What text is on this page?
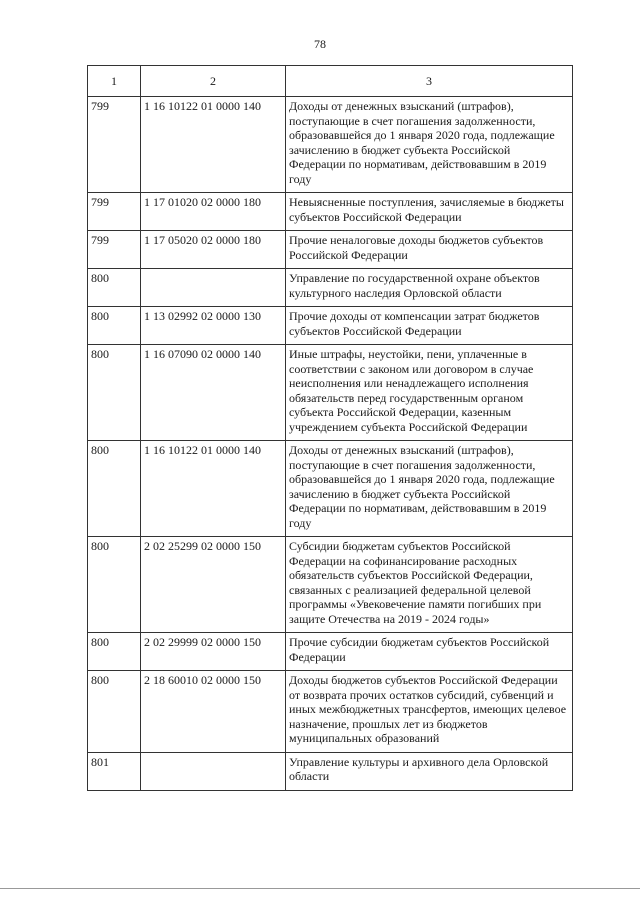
78
1	2	3
799	1 16 10122 01 0000 140	Доходы от денежных взысканий (штрафов), поступающие в счет погашения задолженности, образовавшейся до 1 января 2020 года, подлежащие зачислению в бюджет субъекта Российской Федерации по нормативам, действовавшим в 2019 году
799	1 17 01020 02 0000 180	Невыясненные поступления, зачисляемые в бюджеты субъектов Российской Федерации
799	1 17 05020 02 0000 180	Прочие неналоговые доходы бюджетов субъектов Российской Федерации
800		Управление по государственной охране объектов культурного наследия Орловской области
800	1 13 02992 02 0000 130	Прочие доходы от компенсации затрат бюджетов субъектов Российской Федерации
800	1 16 07090 02 0000 140	Иные штрафы, неустойки, пени, уплаченные в соответствии с законом или договором в случае неисполнения или ненадлежащего исполнения обязательств перед государственным органом субъекта Российской Федерации, казенным учреждением субъекта Российской Федерации
800	1 16 10122 01 0000 140	Доходы от денежных взысканий (штрафов), поступающие в счет погашения задолженности, образовавшейся до 1 января 2020 года, подлежащие зачислению в бюджет субъекта Российской Федерации по нормативам, действовавшим в 2019 году
800	2 02 25299 02 0000 150	Субсидии бюджетам субъектов Российской Федерации на софинансирование расходных обязательств субъектов Российской Федерации, связанных с реализацией федеральной целевой программы «Увековечение памяти погибших при защите Отечества на 2019 - 2024 годы»
800	2 02 29999 02 0000 150	Прочие субсидии бюджетам субъектов Российской Федерации
800	2 18 60010 02 0000 150	Доходы бюджетов субъектов Российской Федерации от возврата прочих остатков субсидий, субвенций и иных межбюджетных трансфертов, имеющих целевое назначение, прошлых лет из бюджетов муниципальных образований
801		Управление культуры и архивного дела Орловской области
